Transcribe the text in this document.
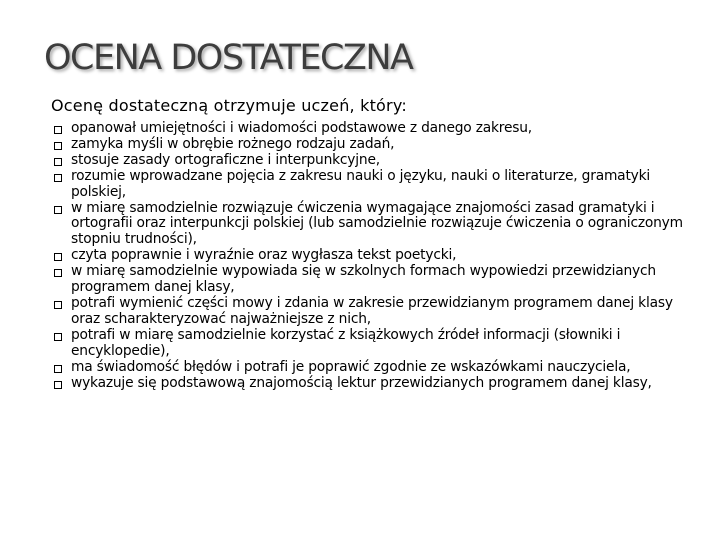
OCENA DOSTATECZNA
Ocenę dostateczną otrzymuje uczeń, który:
opanował umiejętności i wiadomości podstawowe z danego zakresu,
zamyka myśli w obrębie rożnego rodzaju zadań,
stosuje zasady ortograficzne i interpunkcyjne,
rozumie wprowadzane pojęcia z zakresu nauki o języku, nauki o literaturze, gramatyki polskiej,
w miarę samodzielnie rozwiązuje ćwiczenia wymagające znajomości zasad gramatyki i ortografii oraz interpunkcji polskiej (lub samodzielnie rozwiązuje ćwiczenia o ograniczonym stopniu trudności),
czyta poprawnie i wyraźnie oraz wygłasza tekst poetycki,
w miarę samodzielnie wypowiada się w szkolnych formach wypowiedzi przewidzianych programem danej klasy,
potrafi wymienić części mowy i zdania w zakresie przewidzianym programem danej klasy oraz scharakteryzować najważniejsze z nich,
potrafi w miarę samodzielnie korzystać z książkowych źródeł informacji (słowniki i encyklopedie),
ma świadomość błędów i potrafi je poprawić zgodnie ze wskazówkami nauczyciela,
wykazuje się podstawową znajomością lektur przewidzianych programem danej klasy,
